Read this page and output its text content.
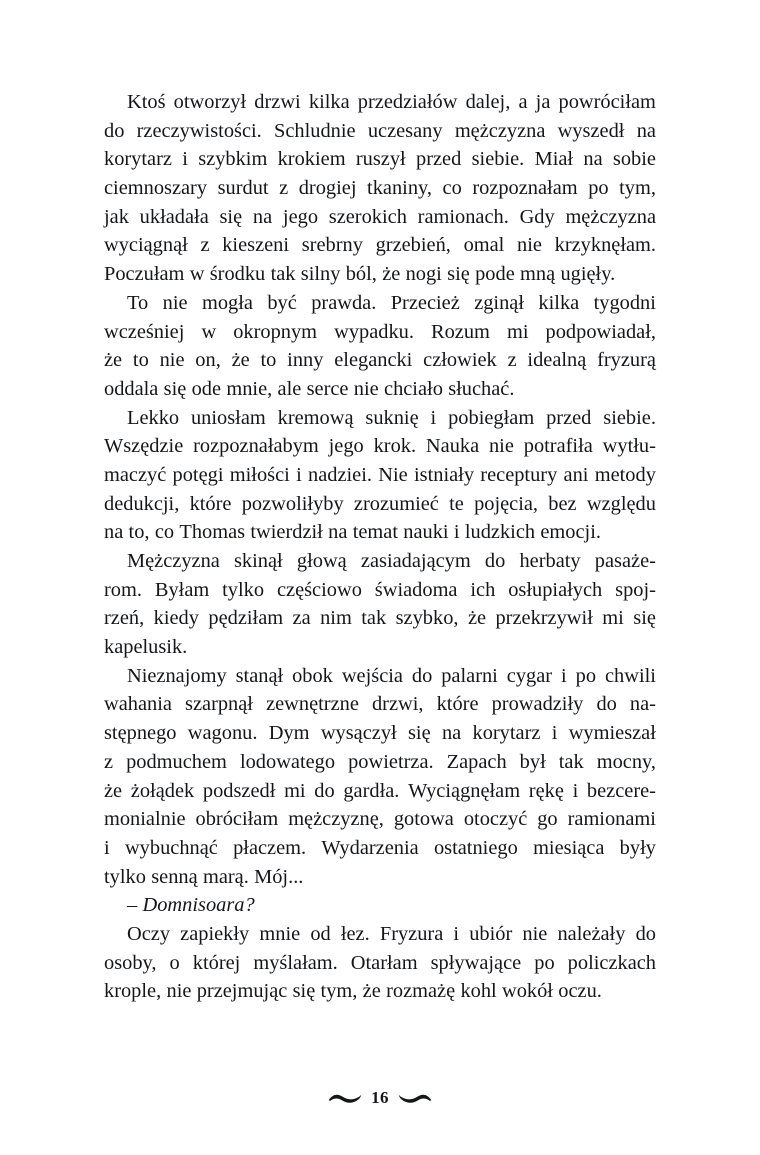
Ktoś otworzył drzwi kilka przedziałów dalej, a ja powróciłam
do rzeczywistości. Schludnie uczesany mężczyzna wyszedł na
korytarz i szybkim krokiem ruszył przed siebie. Miał na sobie
ciemnoszary surdut z drogiej tkaniny, co rozpoznałam po tym,
jak układała się na jego szerokich ramionach. Gdy mężczyzna
wyciągnął z kieszeni srebrny grzebień, omal nie krzyknęłam.
Poczułam w środku tak silny ból, że nogi się pode mną ugięły.
To nie mogła być prawda. Przecież zginął kilka tygodni
wcześniej w okropnym wypadku. Rozum mi podpowiadał,
że to nie on, że to inny elegancki człowiek z idealną fryzurą
oddala się ode mnie, ale serce nie chciało słuchać.
Lekko uniosłam kremową suknię i pobiegłam przed siebie.
Wszędzie rozpoznałabym jego krok. Nauka nie potrafiła wytłu-
maczyć potęgi miłości i nadziei. Nie istniały receptury ani metody
dedukcji, które pozwoliłyby zrozumieć te pojęcia, bez względu
na to, co Thomas twierdził na temat nauki i ludzkich emocji.
Mężczyzna skinął głową zasiadającym do herbaty pasaże-
rom. Byłam tylko częściowo świadoma ich osłupiałych spoj-
rzeń, kiedy pędziłam za nim tak szybko, że przekrzywił mi się
kapelusik.
Nieznajomy stanął obok wejścia do palarni cygar i po chwili
wahania szarpnął zewnętrzne drzwi, które prowadziły do na-
stępnego wagonu. Dym wysączył się na korytarz i wymieszał
z podmuchem lodowatego powietrza. Zapach był tak mocny,
że żołądek podszedł mi do gardła. Wyciągnęłam rękę i bezcere-
monialnie obróciłam mężczyznę, gotowa otoczyć go ramionami
i wybuchnąć płaczem. Wydarzenia ostatniego miesiąca były
tylko senną marą. Mój...
– Domnisoara?
Oczy zapiekły mnie od łez. Fryzura i ubiór nie należały do
osoby, o której myślałam. Otarłam spływające po policzkach
krople, nie przejmując się tym, że rozmażę kohl wokół oczu.
16
